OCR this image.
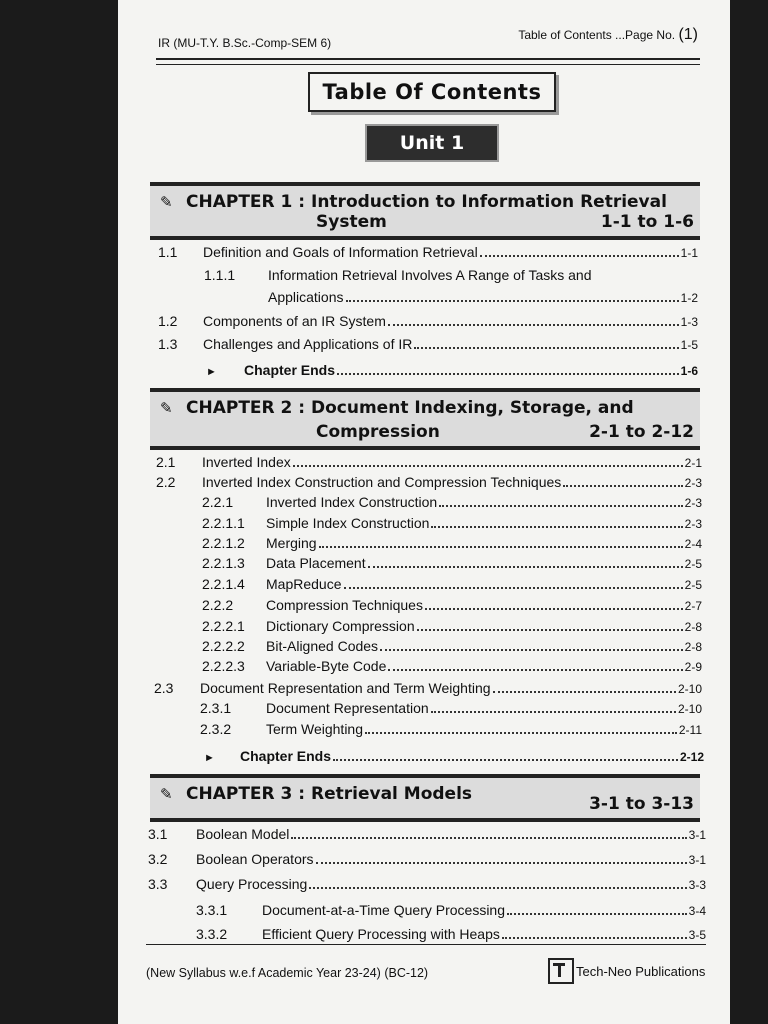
IR (MU-T.Y. B.Sc.-Comp-SEM 6)
Table of Contents ...Page No. (1)
Table Of Contents
Unit 1
✎ CHAPTER 1 : Introduction to Information Retrieval
System	1-1 to 1-6
1.1	Definition and Goals of Information Retrieval	1-1
1.1.1	Information Retrieval Involves A Range of Tasks and
Applications	1-2
1.2	Components of an IR System	1-3
1.3	Challenges and Applications of IR	1-5
►	Chapter Ends	1-6
✎ CHAPTER 2 : Document Indexing, Storage, and
Compression	2-1 to 2-12
2.1	Inverted Index	2-1
2.2	Inverted Index Construction and Compression Techniques	2-3
2.2.1	Inverted Index Construction	2-3
2.2.1.1	Simple Index Construction	2-3
2.2.1.2	Merging	2-4
2.2.1.3	Data Placement	2-5
2.2.1.4	MapReduce	2-5
2.2.2	Compression Techniques	2-7
2.2.2.1	Dictionary Compression	2-8
2.2.2.2	Bit-Aligned Codes	2-8
2.2.2.3	Variable-Byte Code	2-9
2.3	Document Representation and Term Weighting	2-10
2.3.1	Document Representation	2-10
2.3.2	Term Weighting	2-11
►	Chapter Ends	2-12
✎ CHAPTER 3 : Retrieval Models	3-1 to 3-13
3.1	Boolean Model	3-1
3.2	Boolean Operators	3-1
3.3	Query Processing	3-3
3.3.1	Document-at-a-Time Query Processing	3-4
3.3.2	Efficient Query Processing with Heaps	3-5
(New Syllabus w.e.f Academic Year 23-24) (BC-12)	Tech-Neo Publications
